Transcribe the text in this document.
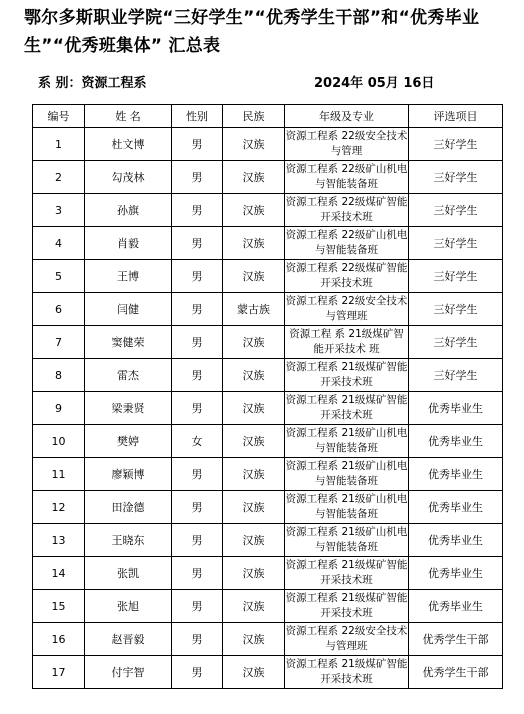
鄂尔多斯职业学院“三好学生”“优秀学生干部”和“优秀毕业生”“优秀班集体” 汇总表
系 别：资源工程系	2024年 05月 16日
编号	姓 名	性别	民族	年级及专业	评选项目
1	杜文博	男	汉族	资源工程系 22级安全技术与管理	三好学生
2	勾茂林	男	汉族	资源工程系 22级矿山机电与智能装备班	三好学生
3	孙旗	男	汉族	资源工程系 22级煤矿智能开采技术班	三好学生
4	肖毅	男	汉族	资源工程系 22级矿山机电与智能装备班	三好学生
5	王博	男	汉族	资源工程系 22级煤矿智能开采技术班	三好学生
6	闫健	男	蒙古族	资源工程系 22级安全技术与管理班	三好学生
7	窦健荣	男	汉族	资源工程 系 21级煤矿智能开采技术 班	三好学生
8	雷杰	男	汉族	资源工程系 21级煤矿智能开采技术班	三好学生
9	梁秉贤	男	汉族	资源工程系 21级煤矿智能开采技术班	优秀毕业生
10	樊婷	女	汉族	资源工程系 21级矿山机电与智能装备班	优秀毕业生
11	廖颖博	男	汉族	资源工程系 21级矿山机电与智能装备班	优秀毕业生
12	田淦德	男	汉族	资源工程系 21级矿山机电与智能装备班	优秀毕业生
13	王晓东	男	汉族	资源工程系 21级矿山机电与智能装备班	优秀毕业生
14	张凯	男	汉族	资源工程系 21级煤矿智能开采技术班	优秀毕业生
15	张旭	男	汉族	资源工程系 21级煤矿智能开采技术班	优秀毕业生
16	赵晋毅	男	汉族	资源工程系 22级安全技术与管理班	优秀学生干部
17	付宇智	男	汉族	资源工程系 21级煤矿智能开采技术班	优秀学生干部
